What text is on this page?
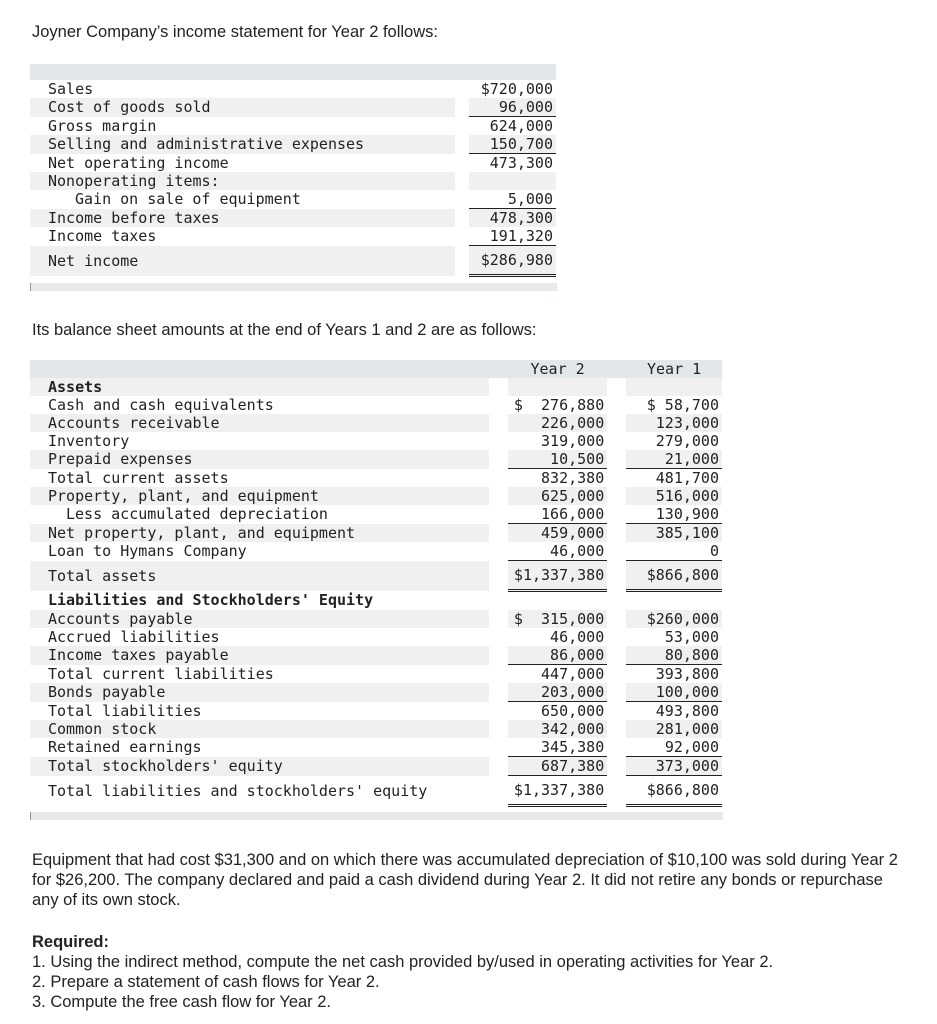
Joyner Company’s income statement for Year 2 follows:
Sales		$720,000
Cost of goods sold		96,000
Gross margin		624,000
Selling and administrative expenses		150,700
Net operating income		473,300
Nonoperating items:		
Gain on sale of equipment		5,000
Income before taxes		478,300
Income taxes		191,320
Net income		$286,980
Its balance sheet amounts at the end of Years 1 and 2 are as follows:
		Year 2		Year 1
Assets				
Cash and cash equivalents		$  276,880		$ 58,700
Accounts receivable		226,000		123,000
Inventory		319,000		279,000
Prepaid expenses		10,500		21,000
Total current assets		832,380		481,700
Property, plant, and equipment		625,000		516,000
Less accumulated depreciation		166,000		130,900
Net property, plant, and equipment		459,000		385,100
Loan to Hymans Company		46,000		0
Total assets		$1,337,380		$866,800
Liabilities and Stockholders' Equity				
Accounts payable		$  315,000		$260,000
Accrued liabilities		46,000		53,000
Income taxes payable		86,000		80,800
Total current liabilities		447,000		393,800
Bonds payable		203,000		100,000
Total liabilities		650,000		493,800
Common stock		342,000		281,000
Retained earnings		345,380		92,000
Total stockholders' equity		687,380		373,000
Total liabilities and stockholders' equity		$1,337,380		$866,800
Equipment that had cost $31,300 and on which there was accumulated depreciation of $10,100 was sold during Year 2 for $26,200. The company declared and paid a cash dividend during Year 2. It did not retire any bonds or repurchase any of its own stock.
Required:
1. Using the indirect method, compute the net cash provided by/used in operating activities for Year 2.
2. Prepare a statement of cash flows for Year 2.
3. Compute the free cash flow for Year 2.
